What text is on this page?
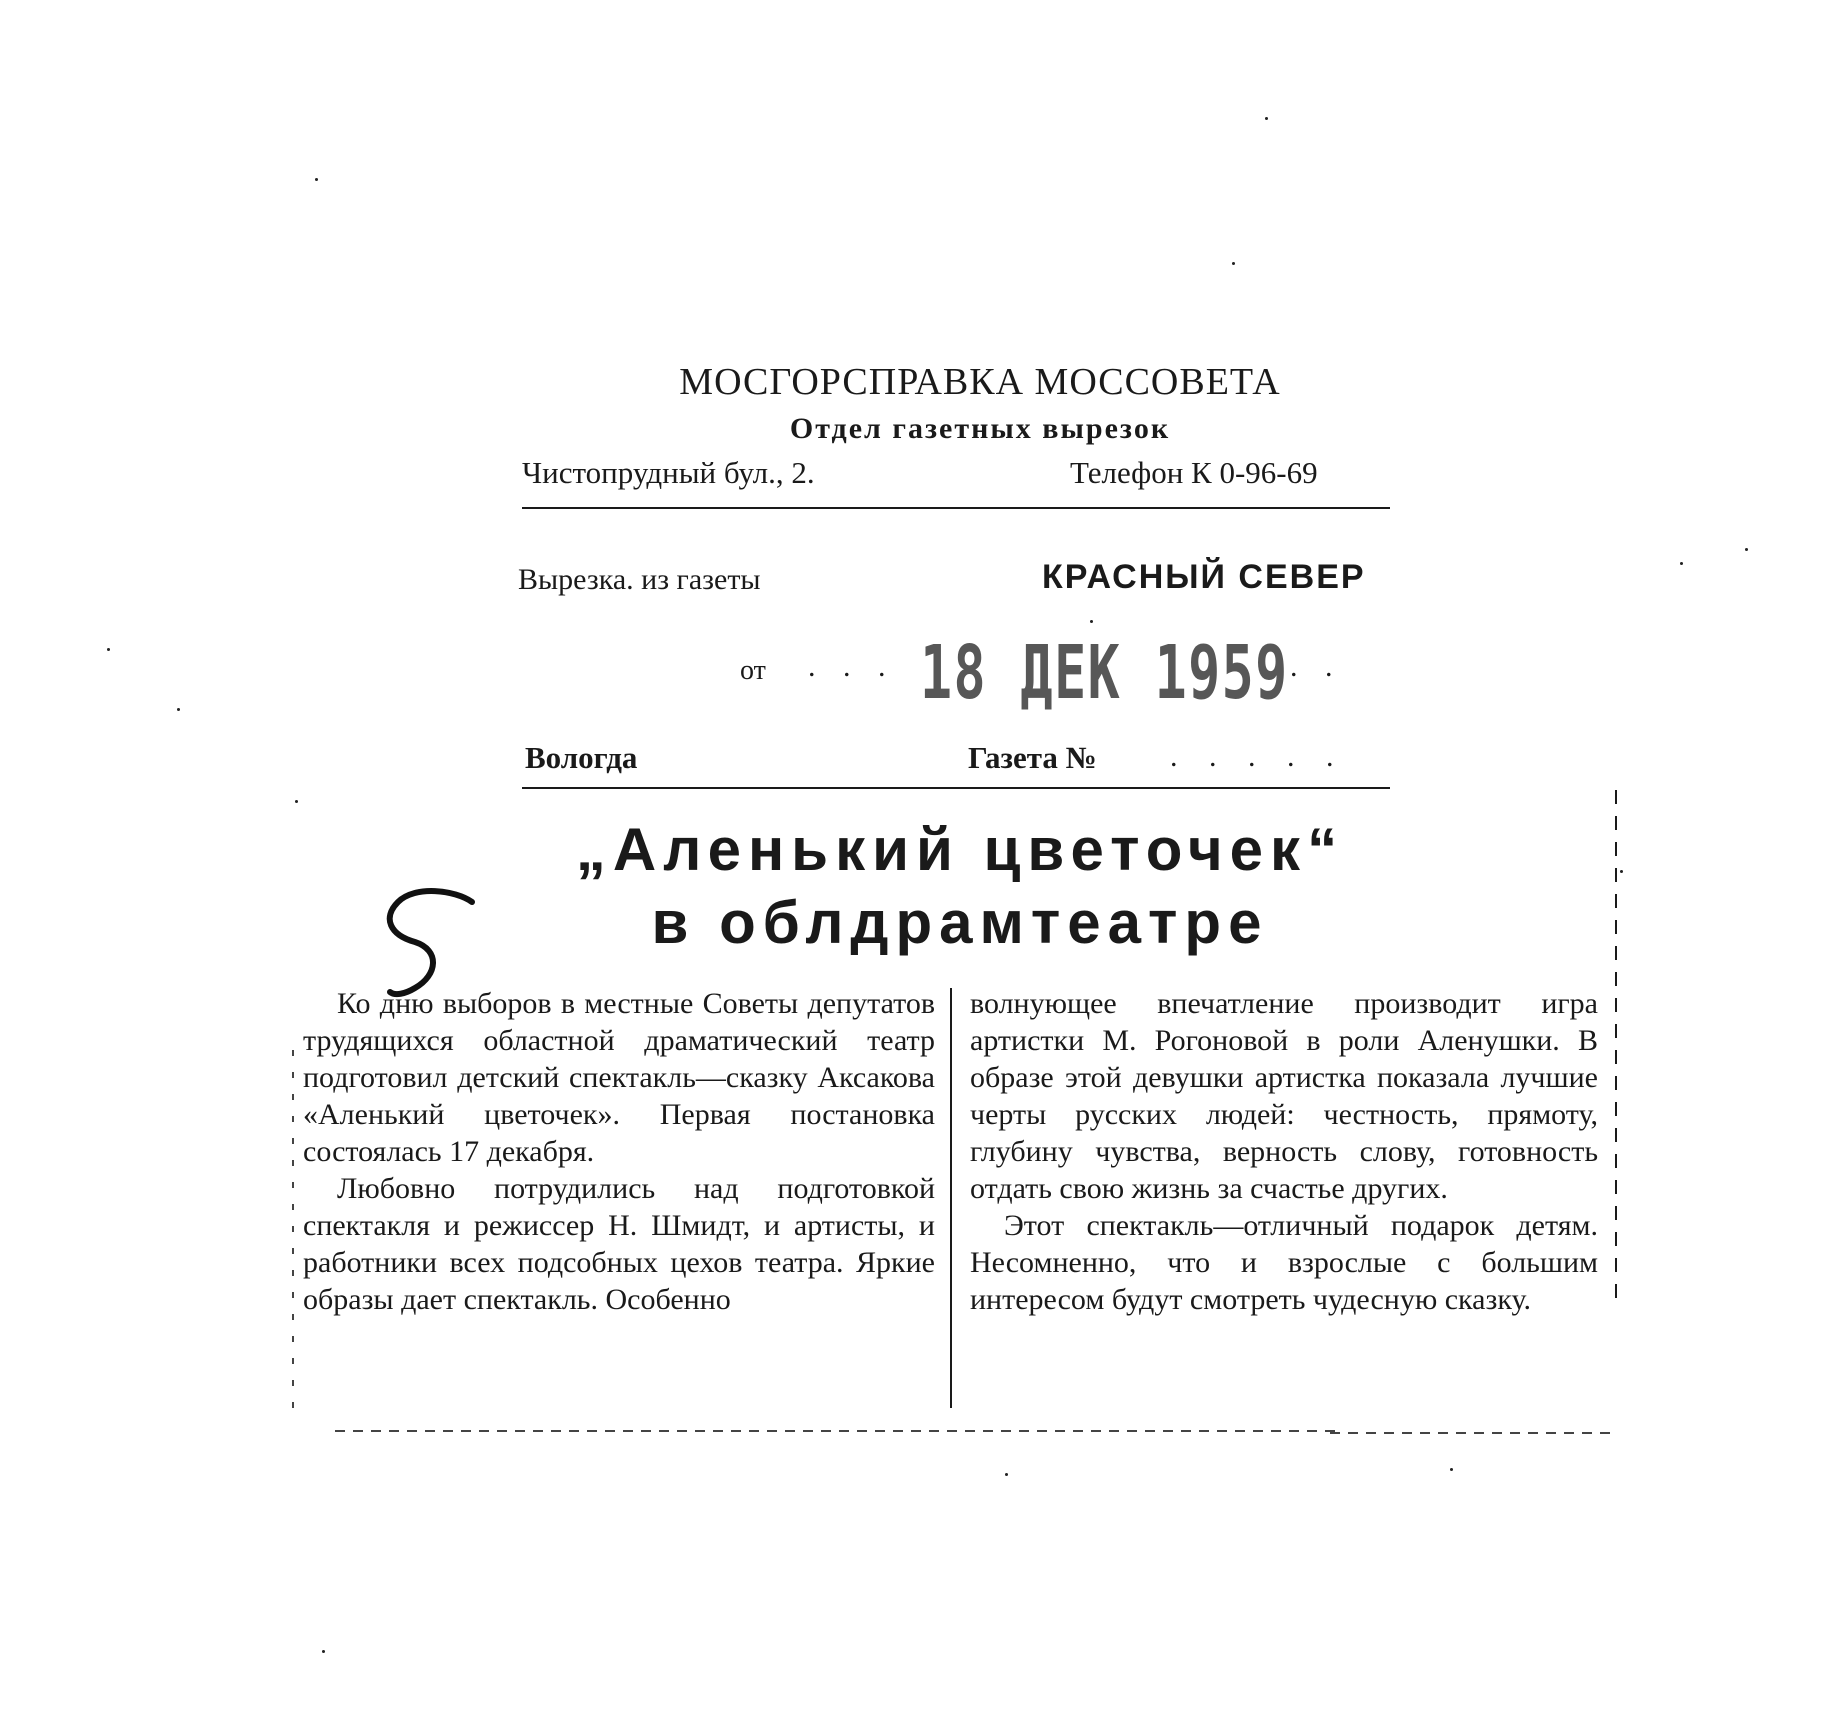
МОСГОРСПРАВКА МОССОВЕТА
Отдел газетных вырезок
Чистопрудный бул., 2.	Телефон К 0-96-69
Вырезка. из газеты	КРАСНЫЙ СЕВЕР
от . . . 18 ДЕК 1959 . .
Вологда	Газета № . . . . .
„Аленький цветочек“
в облдрамтеатре

Ко дню выборов в местные Советы депутатов трудящихся областной драматический театр подготовил детский спектакль—сказку Аксакова «Аленький цветочек». Первая постановка состоялась 17 декабря.

Любовно потрудились над подготовкой спектакля и режиссер Н. Шмидт, и артисты, и работники всех подсобных цехов театра. Яркие образы дает спектакль. Особенно

волнующее впечатление производит игра артистки М. Рогоновой в роли Аленушки. В образе этой девушки артистка показала лучшие черты русских людей: честность, прямоту, глубину чувства, верность слову, готовность отдать свою жизнь за счастье других.

Этот спектакль—отличный подарок детям. Несомненно, что и взрослые с большим интересом будут смотреть чудесную сказку.
